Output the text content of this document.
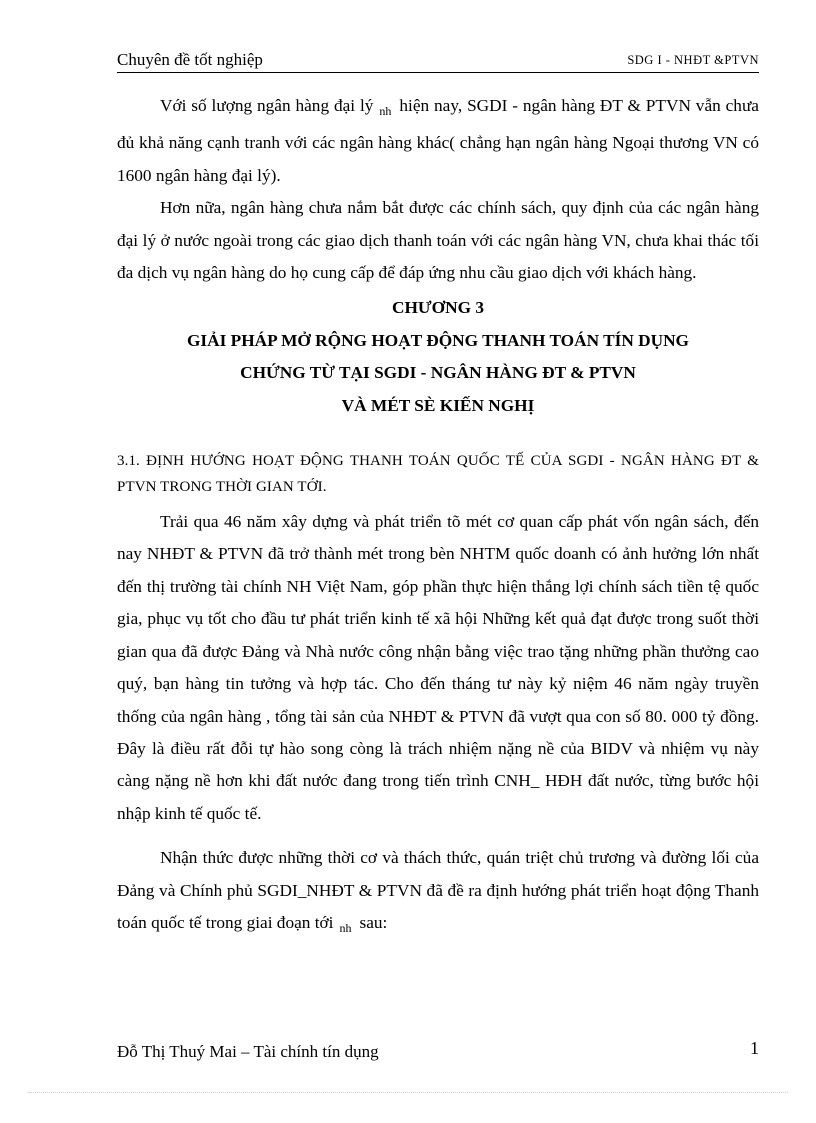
Chuyên đề tốt nghiệp	SDG I - NHĐT &PTVN

Với số lượng ngân hàng đại lý $_{nh}$ hiện nay, SGDI - ngân hàng ĐT & PTVN vẫn chưa đủ khả năng cạnh tranh với các ngân hàng khác( chẳng hạn ngân hàng Ngoại thương VN có 1600 ngân hàng đại lý).

Hơn nữa, ngân hàng chưa nắm bắt được các chính sách, quy định của các ngân hàng đại lý ở nước ngoài trong các giao dịch thanh toán với các ngân hàng VN, chưa khai thác tối đa dịch vụ ngân hàng do họ cung cấp để đáp ứng nhu cầu giao dịch với khách hàng.

CHƯƠNG 3
GIẢI PHÁP MỞ RỘNG HOẠT ĐỘNG THANH TOÁN TÍN DỤNG
CHỨNG TỪ TẠI SGDI - NGÂN HÀNG ĐT & PTVN
VÀ MÉT SÈ KIẾN NGHỊ

3.1. ĐỊNH HƯỚNG HOẠT ĐỘNG THANH TOÁN QUỐC TẾ CỦA SGDI - NGÂN HÀNG ĐT & PTVN TRONG THỜI GIAN TỚI.

Trải qua 46 năm xây dựng và phát triển tõ mét cơ quan cấp phát vốn ngân sách, đến nay NHĐT & PTVN đã trở thành mét trong bèn NHTM quốc doanh có ảnh hưởng lớn nhất đến thị trường tài chính NH Việt Nam, góp phần thực hiện thắng lợi chính sách tiền tệ quốc gia, phục vụ tốt cho đầu tư phát triển kinh tế xã hội Những kết quả đạt được trong suốt thời gian qua đã được Đảng và Nhà nước công nhận bằng việc trao tặng những phần thưởng cao quý, bạn hàng tin tưởng và hợp tác. Cho đến tháng tư này kỷ niệm 46 năm ngày truyền thống của ngân hàng , tổng tài sản của NHĐT & PTVN đã vượt qua con số 80. 000 tỷ đồng. Đây là điều rất đỗi tự hào song còng là trách nhiệm nặng nề của BIDV và nhiệm vụ này càng nặng nề hơn khi đất nước đang trong tiến trình CNH_ HĐH đất nước, từng bước hội nhập kinh tế quốc tế.

Nhận thức được những thời cơ và thách thức, quán triệt chủ trương và đường lối của Đảng và Chính phủ SGDI_NHĐT & PTVN đã đề ra định hướng phát triển hoạt động Thanh toán quốc tế trong giai đoạn tới $_{nh}$ sau:

Đỗ Thị Thuý Mai – Tài chính tín dụng	1
